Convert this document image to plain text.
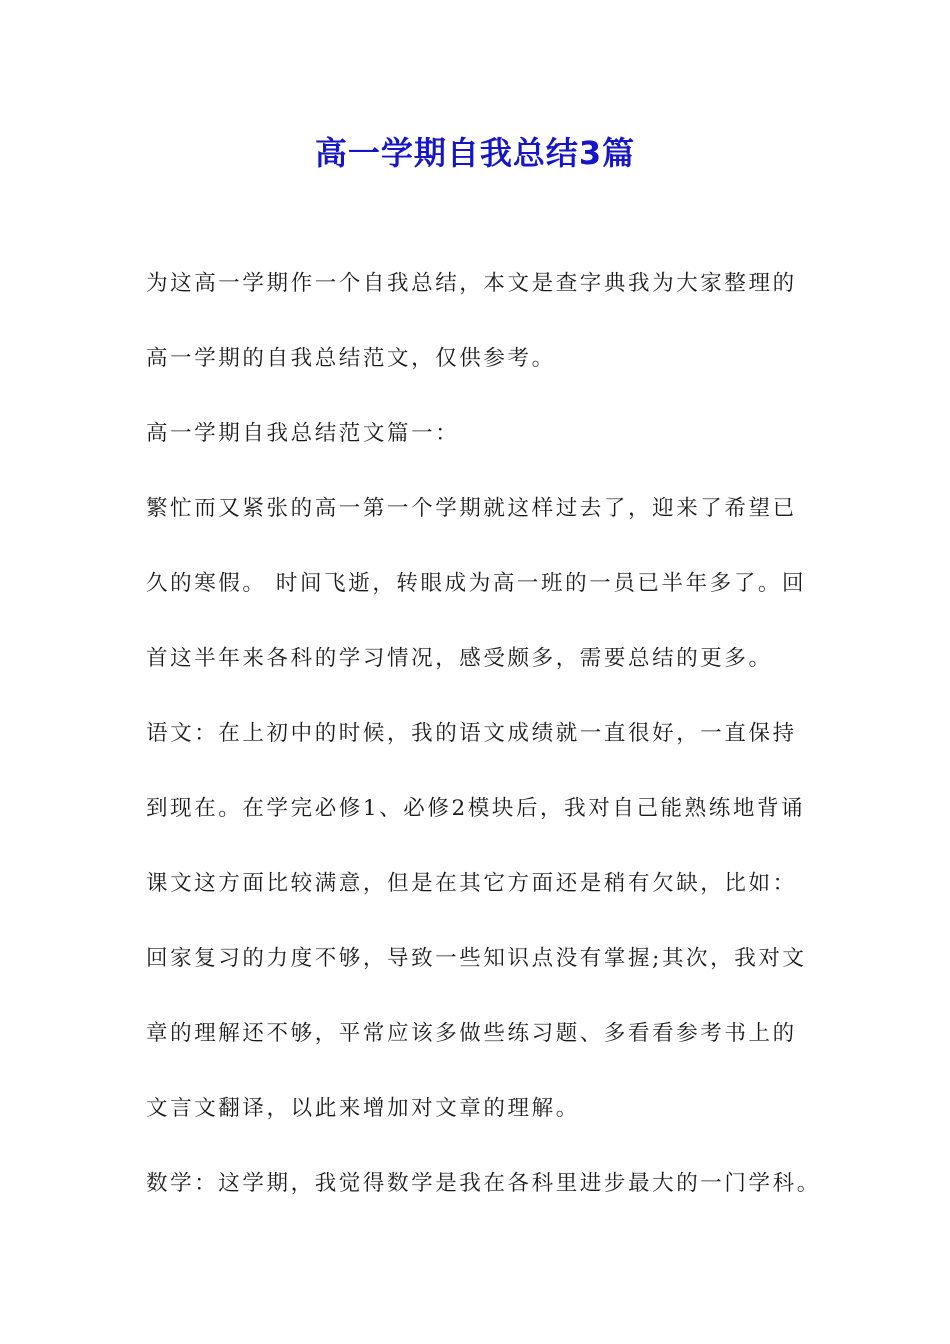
高一学期自我总结3篇

为这高一学期作一个自我总结，本文是查字典我为大家整理的

高一学期的自我总结范文，仅供参考。

高一学期自我总结范文篇一：

繁忙而又紧张的高一第一个学期就这样过去了，迎来了希望已

久的寒假。 时间飞逝，转眼成为高一班的一员已半年多了。回

首这半年来各科的学习情况，感受颇多，需要总结的更多。

语文：在上初中的时候，我的语文成绩就一直很好，一直保持

到现在。在学完必修1、必修2模块后，我对自己能熟练地背诵

课文这方面比较满意，但是在其它方面还是稍有欠缺，比如：

回家复习的力度不够，导致一些知识点没有掌握;其次，我对文

章的理解还不够，平常应该多做些练习题、多看看参考书上的

文言文翻译，以此来增加对文章的理解。

数学：这学期，我觉得数学是我在各科里进步最大的一门学科。
